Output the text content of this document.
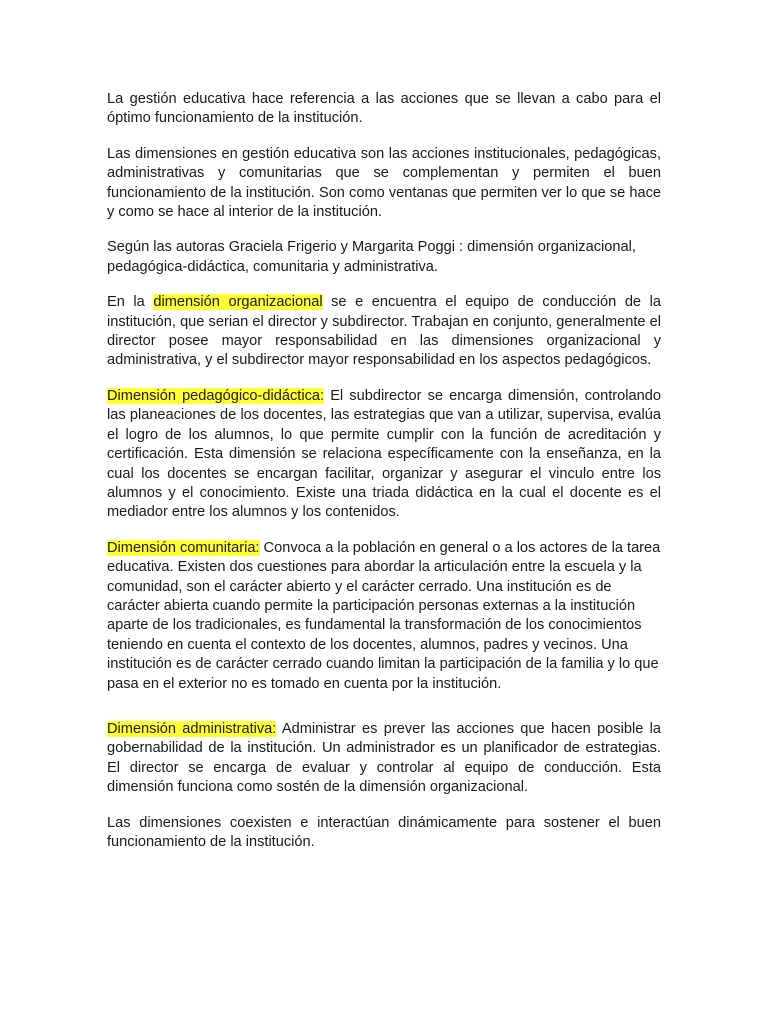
La gestión educativa hace referencia a las acciones que se llevan a cabo para el óptimo funcionamiento de la institución.

Las dimensiones en gestión educativa son las acciones institucionales, pedagógicas, administrativas y comunitarias que se complementan y permiten el buen funcionamiento de la institución. Son como ventanas que permiten ver lo que se hace y como se hace al interior de la institución.

Según las autoras Graciela Frigerio y Margarita Poggi : dimensión organizacional, pedagógica-didáctica, comunitaria y administrativa.

En la dimensión organizacional se e encuentra el equipo de conducción de la institución, que serian el director y subdirector. Trabajan en conjunto, generalmente el director posee mayor responsabilidad en las dimensiones organizacional y administrativa, y el subdirector mayor responsabilidad en los aspectos pedagógicos.

Dimensión pedagógico-didáctica: El subdirector se encarga dimensión, controlando las planeaciones de los docentes, las estrategias que van a utilizar, supervisa, evalúa el logro de los alumnos, lo que permite cumplir con la función de acreditación y certificación. Esta dimensión se relaciona específicamente con la enseñanza, en la cual los docentes se encargan facilitar, organizar y asegurar el vinculo entre los alumnos y el conocimiento. Existe una triada didáctica en la cual el docente es el mediador entre los alumnos y los contenidos.

Dimensión comunitaria: Convoca a la población en general o a los actores de la tarea educativa. Existen dos cuestiones para abordar la articulación entre la escuela y la comunidad, son el carácter abierto y el carácter cerrado. Una institución es de carácter abierta cuando permite la participación personas externas a la institución aparte de los tradicionales, es fundamental la transformación de los conocimientos teniendo en cuenta el contexto de los docentes, alumnos, padres y vecinos. Una institución es de carácter cerrado cuando limitan la participación de la familia y lo que pasa en el exterior no es tomado en cuenta por la institución.

Dimensión administrativa: Administrar es prever las acciones que hacen posible la gobernabilidad de la institución. Un administrador es un planificador de estrategias. El director se encarga de evaluar y controlar al equipo de conducción. Esta dimensión funciona como sostén de la dimensión organizacional.

Las dimensiones coexisten e interactúan dinámicamente para sostener el buen funcionamiento de la institución.
